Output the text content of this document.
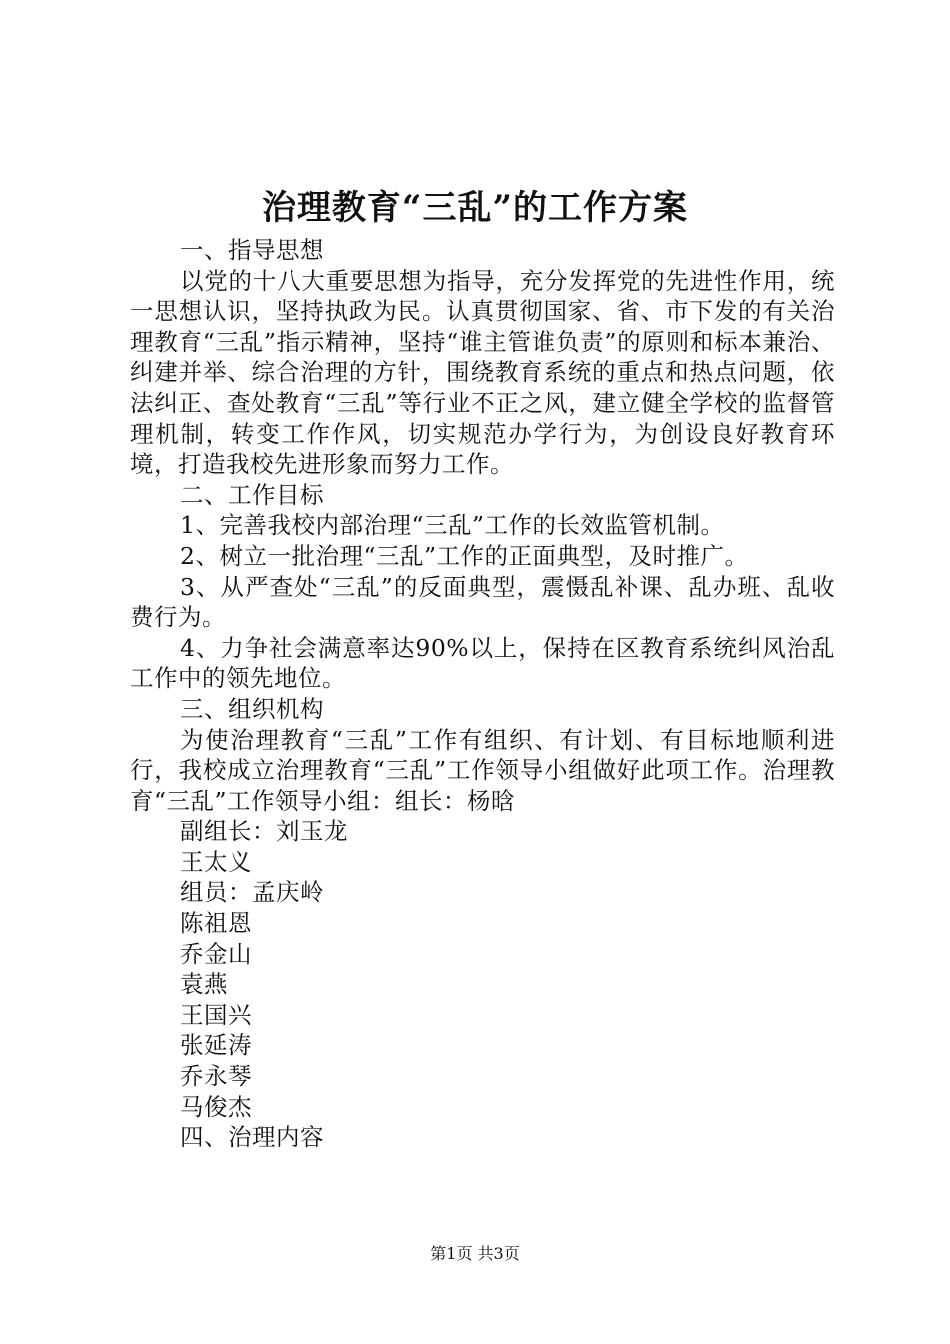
治理教育“三乱”的工作方案

一、指导思想

以党的十八大重要思想为指导，充分发挥党的先进性作用，统一思想认识，坚持执政为民。认真贯彻国家、省、市下发的有关治理教育“三乱”指示精神，坚持“谁主管谁负责”的原则和标本兼治、纠建并举、综合治理的方针，围绕教育系统的重点和热点问题，依法纠正、查处教育“三乱”等行业不正之风，建立健全学校的监督管理机制，转变工作作风，切实规范办学行为，为创设良好教育环境，打造我校先进形象而努力工作。

二、工作目标

1、完善我校内部治理“三乱”工作的长效监管机制。

2、树立一批治理“三乱”工作的正面典型，及时推广。

3、从严查处“三乱”的反面典型，震慑乱补课、乱办班、乱收费行为。

4、力争社会满意率达90%以上，保持在区教育系统纠风治乱工作中的领先地位。

三、组织机构

为使治理教育“三乱”工作有组织、有计划、有目标地顺利进行，我校成立治理教育“三乱”工作领导小组做好此项工作。治理教育“三乱”工作领导小组：组长：杨晗

副组长：刘玉龙

王太义

组员：孟庆岭

陈祖恩

乔金山

袁燕

王国兴

张延涛

乔永琴

马俊杰

四、治理内容

第1页 共3页
